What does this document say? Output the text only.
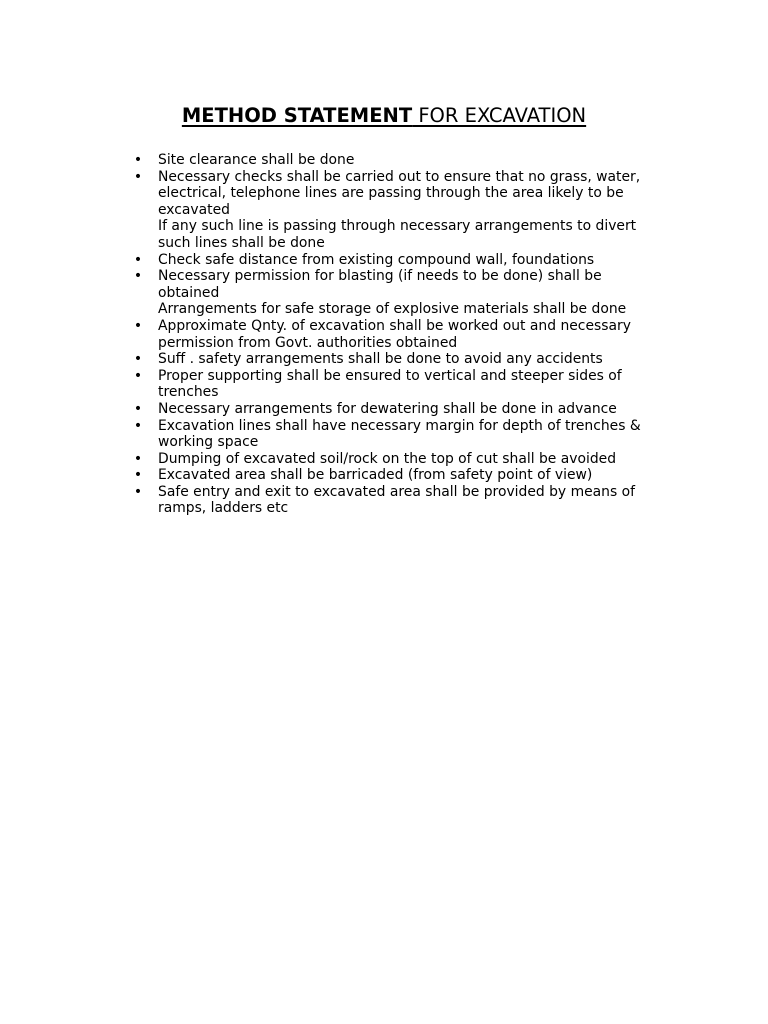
METHOD STATEMENT FOR EXCAVATION
• Site clearance shall be done
• Necessary checks shall be carried out to ensure that no grass, water,
electrical, telephone lines are passing through the area likely to be
excavated
If any such line is passing through necessary arrangements to divert
such lines shall be done
• Check safe distance from existing compound wall, foundations
• Necessary permission for blasting (if needs to be done) shall be
obtained
Arrangements for safe storage of explosive materials shall be done
• Approximate Qnty. of excavation shall be worked out and necessary
permission from Govt. authorities obtained
• Suff . safety arrangements shall be done to avoid any accidents
• Proper supporting shall be ensured to vertical and steeper sides of
trenches
• Necessary arrangements for dewatering shall be done in advance
• Excavation lines shall have necessary margin for depth of trenches &
working space
• Dumping of excavated soil/rock on the top of cut shall be avoided
• Excavated area shall be barricaded (from safety point of view)
• Safe entry and exit to excavated area shall be provided by means of
ramps, ladders etc
